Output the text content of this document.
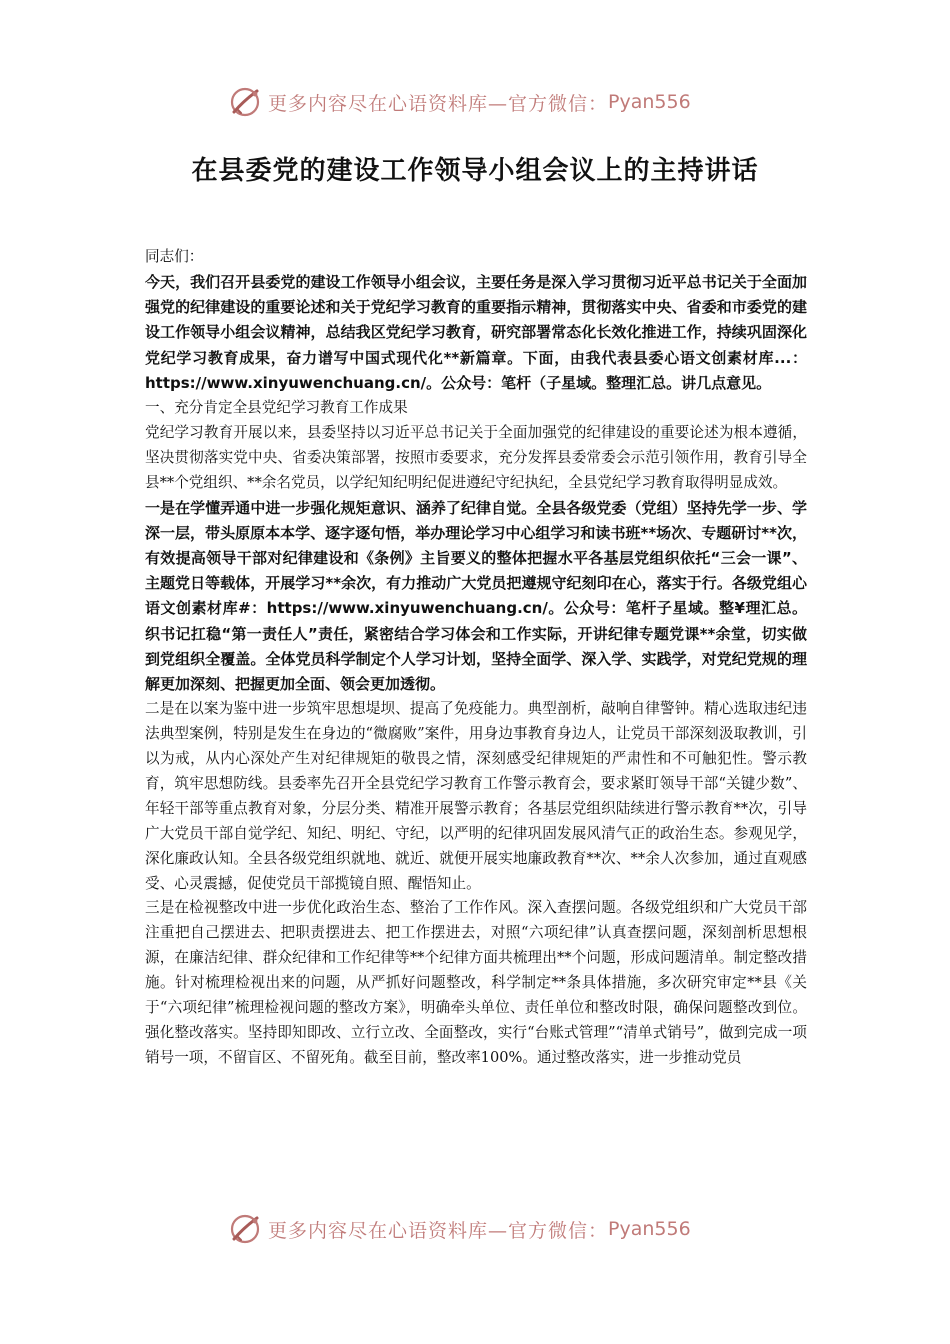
更多内容尽在心语资料库—官方微信： Pyan556
在县委党的建设工作领导小组会议上的主持讲话

同志们：

今天，我们召开县委党的建设工作领导小组会议，主要任务是深入学习贯彻习近平总书记关于全面加强党的纪律建设的重要论述和关于党纪学习教育的重要指示精神，贯彻落实中央、省委和市委党的建设工作领导小组会议精神，总结我区党纪学习教育，研究部署常态化长效化推进工作，持续巩固深化党纪学习教育成果，奋力谱写中国式现代化**新篇章。下面，由我代表县委心语文创素材库...：https://www.xinyuwenchuang.cn/。公众号：笔杆（子星域。整理汇总。讲几点意见。

一、充分肯定全县党纪学习教育工作成果

党纪学习教育开展以来，县委坚持以习近平总书记关于全面加强党的纪律建设的重要论述为根本遵循，坚决贯彻落实党中央、省委决策部署，按照市委要求，充分发挥县委常委会示范引领作用，教育引导全县**个党组织、**余名党员，以学纪知纪明纪促进遵纪守纪执纪，全县党纪学习教育取得明显成效。

一是在学懂弄通中进一步强化规矩意识、涵养了纪律自觉。全县各级党委（党组）坚持先学一步、学深一层，带头原原本本学、逐字逐句悟，举办理论学习中心组学习和读书班**场次、专题研讨**次，有效提高领导干部对纪律建设和《条例》主旨要义的整体把握水平各基层党组织依托“三会一课”、主题党日等载体，开展学习**余次，有力推动广大党员把遵规守纪刻印在心，落实于行。各级党组心语文创素材库#：https://www.xinyuwenchuang.cn/。公众号：笔杆子星域。整¥理汇总。织书记扛稳“第一责任人”责任，紧密结合学习体会和工作实际，开讲纪律专题党课**余堂，切实做到党组织全覆盖。全体党员科学制定个人学习计划，坚持全面学、深入学、实践学，对党纪党规的理解更加深刻、把握更加全面、领会更加透彻。

二是在以案为鉴中进一步筑牢思想堤坝、提高了免疫能力。典型剖析，敲响自律警钟。精心选取违纪违法典型案例，特别是发生在身边的“微腐败”案件，用身边事教育身边人，让党员干部深刻汲取教训，引以为戒，从内心深处产生对纪律规矩的敬畏之情，深刻感受纪律规矩的严肃性和不可触犯性。警示教育，筑牢思想防线。县委率先召开全县党纪学习教育工作警示教育会，要求紧盯领导干部“关键少数”、年轻干部等重点教育对象，分层分类、精准开展警示教育；各基层党组织陆续进行警示教育**次，引导广大党员干部自觉学纪、知纪、明纪、守纪，以严明的纪律巩固发展风清气正的政治生态。参观见学，深化廉政认知。全县各级党组织就地、就近、就便开展实地廉政教育**次、**余人次参加，通过直观感受、心灵震撼，促使党员干部揽镜自照、醒悟知止。

三是在检视整改中进一步优化政治生态、整治了工作作风。深入查摆问题。各级党组织和广大党员干部注重把自己摆进去、把职责摆进去、把工作摆进去，对照“六项纪律”认真查摆问题，深刻剖析思想根源，在廉洁纪律、群众纪律和工作纪律等**个纪律方面共梳理出**个问题，形成问题清单。制定整改措施。针对梳理检视出来的问题，从严抓好问题整改，科学制定**条具体措施，多次研究审定**县《关于“六项纪律”梳理检视问题的整改方案》，明确牵头单位、责任单位和整改时限，确保问题整改到位。强化整改落实。坚持即知即改、立行立改、全面整改，实行“台账式管理”“清单式销号”，做到完成一项销号一项，不留盲区、不留死角。截至目前，整改率100%。通过整改落实，进一步推动党员

更多内容尽在心语资料库—官方微信： Pyan556
